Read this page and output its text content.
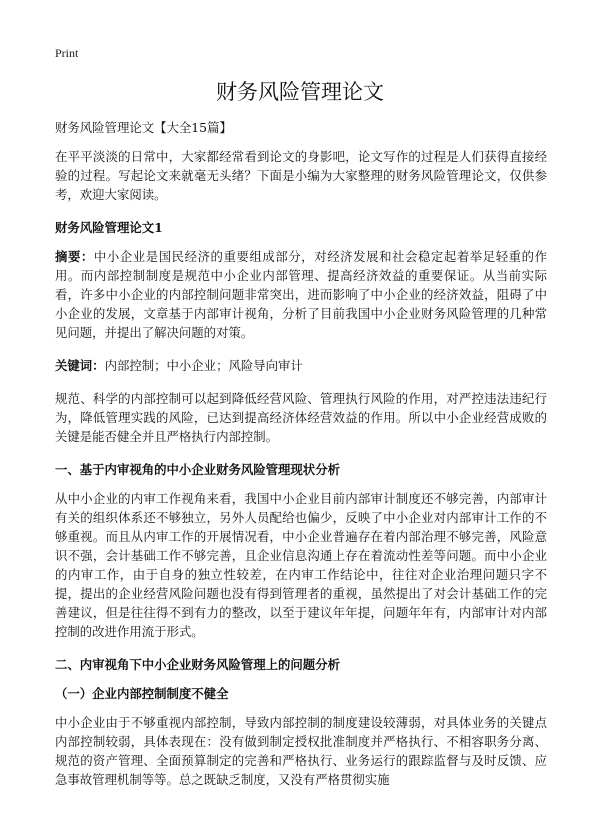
Print
财务风险管理论文

财务风险管理论文【大全15篇】

在平平淡淡的日常中，大家都经常看到论文的身影吧，论文写作的过程是人们获得直接经验的过程。写起论文来就毫无头绪？下面是小编为大家整理的财务风险管理论文，仅供参考，欢迎大家阅读。

财务风险管理论文1

摘要：中小企业是国民经济的重要组成部分，对经济发展和社会稳定起着举足轻重的作用。而内部控制制度是规范中小企业内部管理、提高经济效益的重要保证。从当前实际看，许多中小企业的内部控制问题非常突出，进而影响了中小企业的经济效益，阻碍了中小企业的发展，文章基于内部审计视角，分析了目前我国中小企业财务风险管理的几种常见问题，并提出了解决问题的对策。

关键词：内部控制；中小企业；风险导向审计

规范、科学的内部控制可以起到降低经营风险、管理执行风险的作用，对严控违法违纪行为，降低管理实践的风险，已达到提高经济体经营效益的作用。所以中小企业经营成败的关键是能否健全并且严格执行内部控制。

一、基于内审视角的中小企业财务风险管理现状分析

从中小企业的内审工作视角来看，我国中小企业目前内部审计制度还不够完善，内部审计有关的组织体系还不够独立，另外人员配给也偏少，反映了中小企业对内部审计工作的不够重视。而且从内审工作的开展情况看，中小企业普遍存在着内部治理不够完善，风险意识不强，会计基础工作不够完善，且企业信息沟通上存在着流动性差等问题。而中小企业的内审工作，由于自身的独立性较差，在内审工作结论中，往往对企业治理问题只字不提，提出的企业经营风险问题也没有得到管理者的重视，虽然提出了对会计基础工作的完善建议，但是往往得不到有力的整改，以至于建议年年提，问题年年有，内部审计对内部控制的改进作用流于形式。

二、内审视角下中小企业财务风险管理上的问题分析

（一）企业内部控制制度不健全

中小企业由于不够重视内部控制，导致内部控制的制度建设较薄弱，对具体业务的关键点内部控制较弱，具体表现在：没有做到制定授权批准制度并严格执行、不相容职务分离、规范的资产管理、全面预算制定的完善和严格执行、业务运行的跟踪监督与及时反馈、应急事故管理机制等等。总之既缺乏制度，又没有严格贯彻实施
